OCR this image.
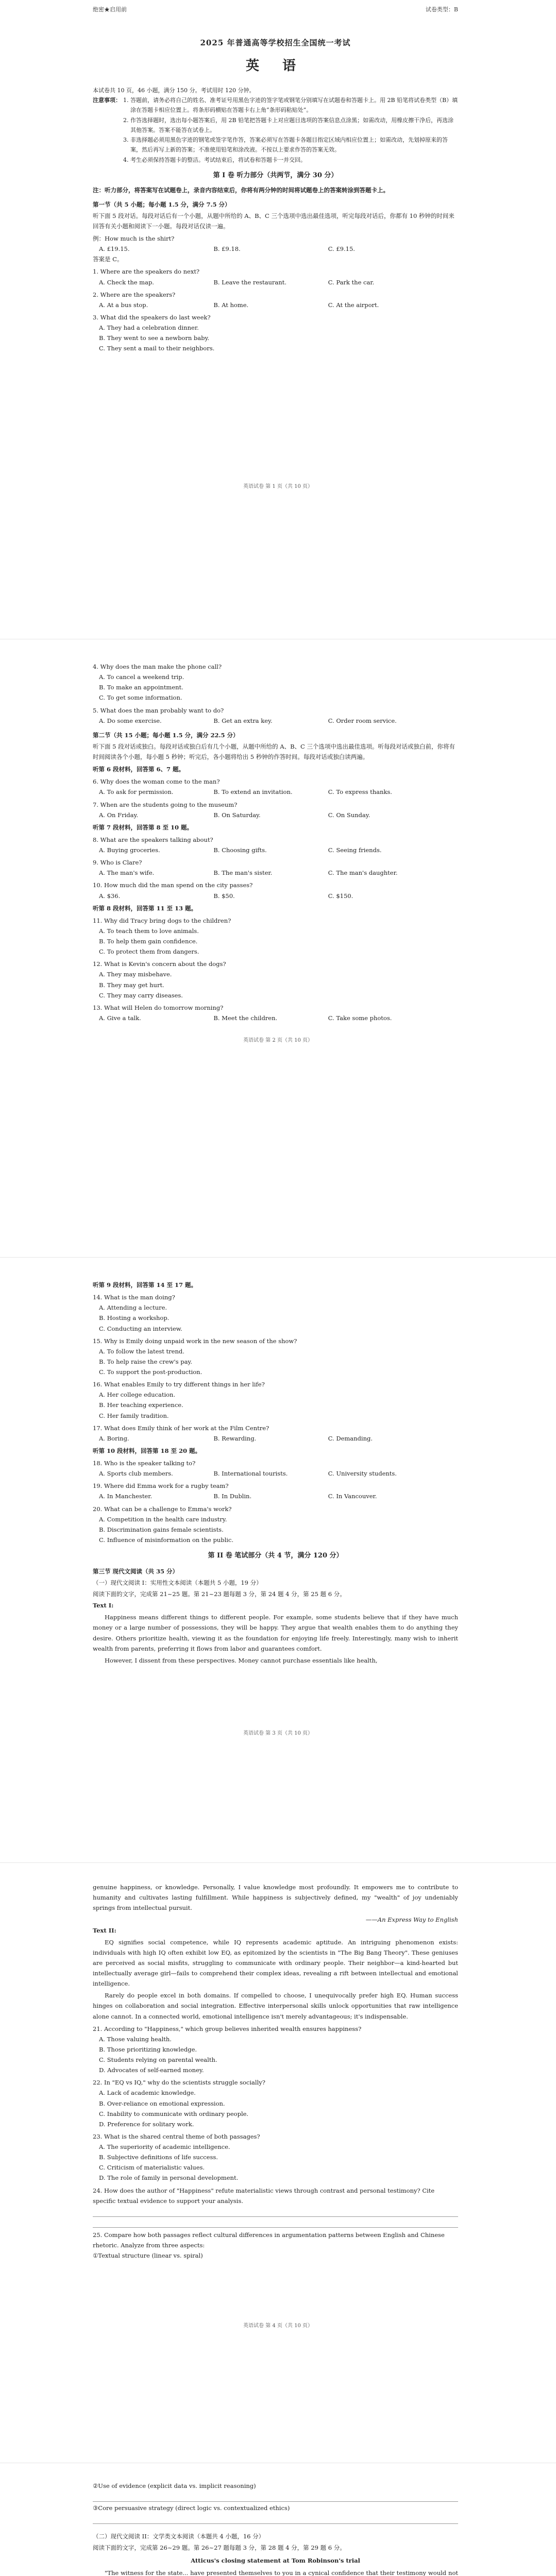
绝密★启用前	试卷类型：B
2025 年普通高等学校招生全国统一考试
英 语
本试卷共 10 页，46 小题，满分 150 分。考试用时 120 分钟。
注意事项：
1. 答题前，请务必将自己的姓名、准考证号用黑色字迹的签字笔或钢笔分别填写在试题卷和答题卡上。用 2B 铅笔将试卷类型（B）填涂在答题卡相应位置上。将条形码横贴在答题卡右上角“条形码粘贴处”。
2. 作答选择题时，选出每小题答案后，用 2B 铅笔把答题卡上对应题目选项的答案信息点涂黑；如需改动，用橡皮擦干净后，再选涂其他答案。答案不能答在试卷上。
3. 非选择题必须用黑色字迹的钢笔或签字笔作答，答案必须写在答题卡各题目指定区域内相应位置上；如需改动，先划掉原来的答案，然后再写上新的答案；不准使用铅笔和涂改液。不按以上要求作答的答案无效。
4. 考生必须保持答题卡的整洁。考试结束后，将试卷和答题卡一并交回。
第 I 卷 听力部分（共两节，满分 30 分）
注：听力部分，将答案写在试题卷上，录音内容结束后，你将有两分钟的时间将试题卷上的答案转涂到答题卡上。
第一节（共 5 小题；每小题 1.5 分，满分 7.5 分）
听下面 5 段对话。每段对话后有一个小题，从题中所给的 A、B、C 三个选项中选出最佳选项，听完每段对话后，你都有 10 秒钟的时间来回答有关小题和阅读下一小题。每段对话仅读一遍。
例：How much is the shirt?
A. £19.15.	B. £9.18.	C. £9.15.
答案是 C。
1. Where are the speakers do next?
A. Check the map.	B. Leave the restaurant.	C. Park the car.
2. Where are the speakers?
A. At a bus stop.	B. At home.	C. At the airport.
3. What did the speakers do last week?
A. They had a celebration dinner.
B. They went to see a newborn baby.
C. They sent a mail to their neighbors.
英语试卷 第 1 页（共 10 页）
4. Why does the man make the phone call?
A. To cancel a weekend trip.
B. To make an appointment.
C. To get some information.
5. What does the man probably want to do?
A. Do some exercise.	B. Get an extra key.	C. Order room service.
第二节（共 15 小题；每小题 1.5 分，满分 22.5 分）
听下面 5 段对话或独白。每段对话或独白后有几个小题，从题中所给的 A、B、C 三个选项中选出最佳选项。听每段对话或独白前，你将有时间阅读各个小题，每小题 5 秒钟；听完后，各小题将给出 5 秒钟的作答时间。每段对话或独白读两遍。
听第 6 段材料，回答第 6、7 题。
6. Why does the woman come to the man?
A. To ask for permission.	B. To extend an invitation.	C. To express thanks.
7. When are the students going to the museum?
A. On Friday.	B. On Saturday.	C. On Sunday.
听第 7 段材料，回答第 8 至 10 题。
8. What are the speakers talking about?
A. Buying groceries.	B. Choosing gifts.	C. Seeing friends.
9. Who is Clare?
A. The man's wife.	B. The man's sister.	C. The man's daughter.
10. How much did the man spend on the city passes?
A. $36.	B. $50.	C. $150.
听第 8 段材料，回答第 11 至 13 题。
11. Why did Tracy bring dogs to the children?
A. To teach them to love animals.
B. To help them gain confidence.
C. To protect them from dangers.
12. What is Kevin's concern about the dogs?
A. They may misbehave.
B. They may get hurt.
C. They may carry diseases.
13. What will Helen do tomorrow morning?
A. Give a talk.	B. Meet the children.	C. Take some photos.
英语试卷 第 2 页（共 10 页）
听第 9 段材料，回答第 14 至 17 题。
14. What is the man doing?
A. Attending a lecture.
B. Hosting a workshop.
C. Conducting an interview.
15. Why is Emily doing unpaid work in the new season of the show?
A. To follow the latest trend.
B. To help raise the crew's pay.
C. To support the post-production.
16. What enables Emily to try different things in her life?
A. Her college education.
B. Her teaching experience.
C. Her family tradition.
17. What does Emily think of her work at the Film Centre?
A. Boring.	B. Rewarding.	C. Demanding.
听第 10 段材料，回答第 18 至 20 题。
18. Who is the speaker talking to?
A. Sports club members.	B. International tourists.	C. University students.
19. Where did Emma work for a rugby team?
A. In Manchester.	B. In Dublin.	C. In Vancouver.
20. What can be a challenge to Emma's work?
A. Competition in the health care industry.
B. Discrimination gains female scientists.
C. Influence of misinformation on the public.
第 II 卷 笔试部分（共 4 节，满分 120 分）
第三节 现代文阅读（共 35 分）
（一）现代文阅读 I：实用性文本阅读（本题共 5 小题，19 分）
阅读下面的文字，完成第 21~25 题。第 21~23 题每题 3 分，第 24 题 4 分，第 25 题 6 分。
Text I:
Happiness means different things to different people. For example, some students believe that if they have much money or a large number of possessions, they will be happy. They argue that wealth enables them to do anything they desire. Others prioritize health, viewing it as the foundation for enjoying life freely. Interestingly, many wish to inherit wealth from parents, preferring it flows from labor and guarantees comfort.
However, I dissent from these perspectives. Money cannot purchase essentials like health,
英语试卷 第 3 页（共 10 页）
genuine happiness, or knowledge. Personally, I value knowledge most profoundly. It empowers me to contribute to humanity and cultivates lasting fulfillment. While happiness is subjectively defined, my "wealth" of joy undeniably springs from intellectual pursuit.
——An Express Way to English
Text II:
EQ signifies social competence, while IQ represents academic aptitude. An intriguing phenomenon exists: individuals with high IQ often exhibit low EQ, as epitomized by the scientists in "The Big Bang Theory". These geniuses are perceived as social misfits, struggling to communicate with ordinary people. Their neighbor—a kind-hearted but intellectually average girl—fails to comprehend their complex ideas, revealing a rift between intellectual and emotional intelligence.
Rarely do people excel in both domains. If compelled to choose, I unequivocally prefer high EQ. Human success hinges on collaboration and social integration. Effective interpersonal skills unlock opportunities that raw intelligence alone cannot. In a connected world, emotional intelligence isn't merely advantageous; it's indispensable.
21. According to "Happiness," which group believes inherited wealth ensures happiness?
A. Those valuing health.
B. Those prioritizing knowledge.
C. Students relying on parental wealth.
D. Advocates of self-earned money.
22. In "EQ vs IQ," why do the scientists struggle socially?
A. Lack of academic knowledge.
B. Over-reliance on emotional expression.
C. Inability to communicate with ordinary people.
D. Preference for solitary work.
23. What is the shared central theme of both passages?
A. The superiority of academic intelligence.
B. Subjective definitions of life success.
C. Criticism of materialistic values.
D. The role of family in personal development.
24. How does the author of "Happiness" refute materialistic views through contrast and personal testimony? Cite specific textual evidence to support your analysis.
25. Compare how both passages reflect cultural differences in argumentation patterns between English and Chinese rhetoric. Analyze from three aspects:
①Textual structure (linear vs. spiral)
英语试卷 第 4 页（共 10 页）
②Use of evidence (explicit data vs. implicit reasoning)
③Core persuasive strategy (direct logic vs. contextualized ethics)
（二）现代文阅读 II：文学类文本阅读（本题共 4 小题，16 分）
阅读下面的文字，完成第 26~29 题。第 26~27 题每题 3 分，第 28 题 4 分，第 29 题 6 分。
Atticus's closing statement at Tom Robinson's trial
"The witness for the state... have presented themselves to you in a cynical confidence that their testimony would not
